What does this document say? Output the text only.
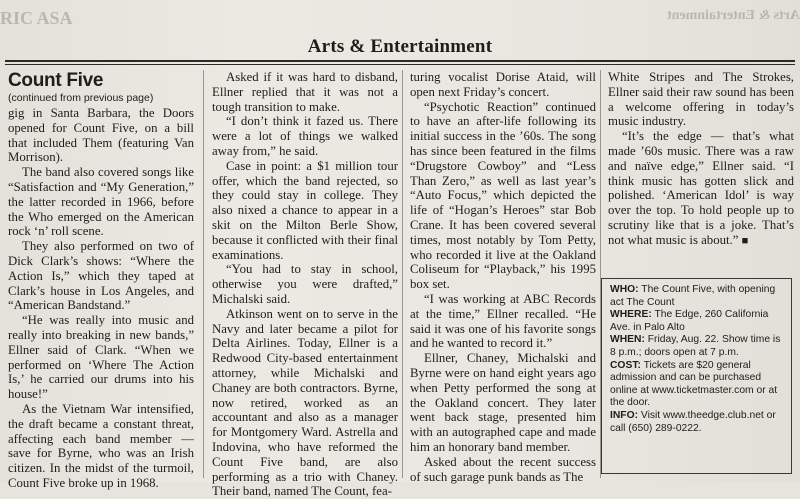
RIC ASA	Arts & Entertainment
Arts & Entertainment
Count Five
(continued from previous page)

gig in Santa Barbara, the Doors opened for Count Five, on a bill that included Them (featuring Van Morrison).

The band also covered songs like “Satisfaction and “My Generation,” the latter recorded in 1966, before the Who emerged on the American rock ‘n’ roll scene.

They also performed on two of Dick Clark’s shows: “Where the Action Is,” which they taped at Clark’s house in Los Angeles, and “American Bandstand.”

“He was really into music and really into breaking in new bands,” Ellner said of Clark. “When we performed on ‘Where The Action Is,’ he carried our drums into his house!”

As the Vietnam War intensified, the draft became a constant threat, affecting each band member — save for Byrne, who was an Irish citizen. In the midst of the turmoil, Count Five broke up in 1968.

Asked if it was hard to disband, Ellner replied that it was not a tough transition to make.

“I don’t think it fazed us. There were a lot of things we walked away from,” he said.

Case in point: a $1 million tour offer, which the band rejected, so they could stay in college. They also nixed a chance to appear in a skit on the Milton Berle Show, because it conflicted with their final examinations.

“You had to stay in school, otherwise you were drafted,” Michalski said.

Atkinson went on to serve in the Navy and later became a pilot for Delta Airlines. Today, Ellner is a Redwood City-based entertainment attorney, while Michalski and Chaney are both contractors. Byrne, now retired, worked as an accountant and also as a manager for Montgomery Ward. Astrella and Indovina, who have reformed the Count Five band, are also performing as a trio with Chaney. Their band, named The Count, fea-

turing vocalist Dorise Ataid, will open next Friday’s concert.

“Psychotic Reaction” continued to have an after-life following its initial success in the ’60s. The song has since been featured in the films “Drugstore Cowboy” and “Less Than Zero,” as well as last year’s “Auto Focus,” which depicted the life of “Hogan’s Heroes” star Bob Crane. It has been covered several times, most notably by Tom Petty, who recorded it live at the Oakland Coliseum for “Playback,” his 1995 box set.

“I was working at ABC Records at the time,” Ellner recalled. “He said it was one of his favorite songs and he wanted to record it.”

Ellner, Chaney, Michalski and Byrne were on hand eight years ago when Petty performed the song at the Oakland concert. They later went back stage, presented him with an autographed cape and made him an honorary band member.

Asked about the recent success of such garage punk bands as The

White Stripes and The Strokes, Ellner said their raw sound has been a welcome offering in today’s music industry.

“It’s the edge — that’s what made ’60s music. There was a raw and naïve edge,” Ellner said. “I think music has gotten slick and polished. ‘American Idol’ is way over the top. To hold people up to scrutiny like that is a joke. That’s not what music is about.” ■

WHO: The Count Five, with opening act The Count
WHERE: The Edge, 260 California Ave. in Palo Alto
WHEN: Friday, Aug. 22. Show time is 8 p.m.; doors open at 7 p.m.
COST: Tickets are $20 general admission and can be purchased online at www.ticketmaster.com or at the door.
INFO: Visit www.theedge.club.net or call (650) 289-0222.
